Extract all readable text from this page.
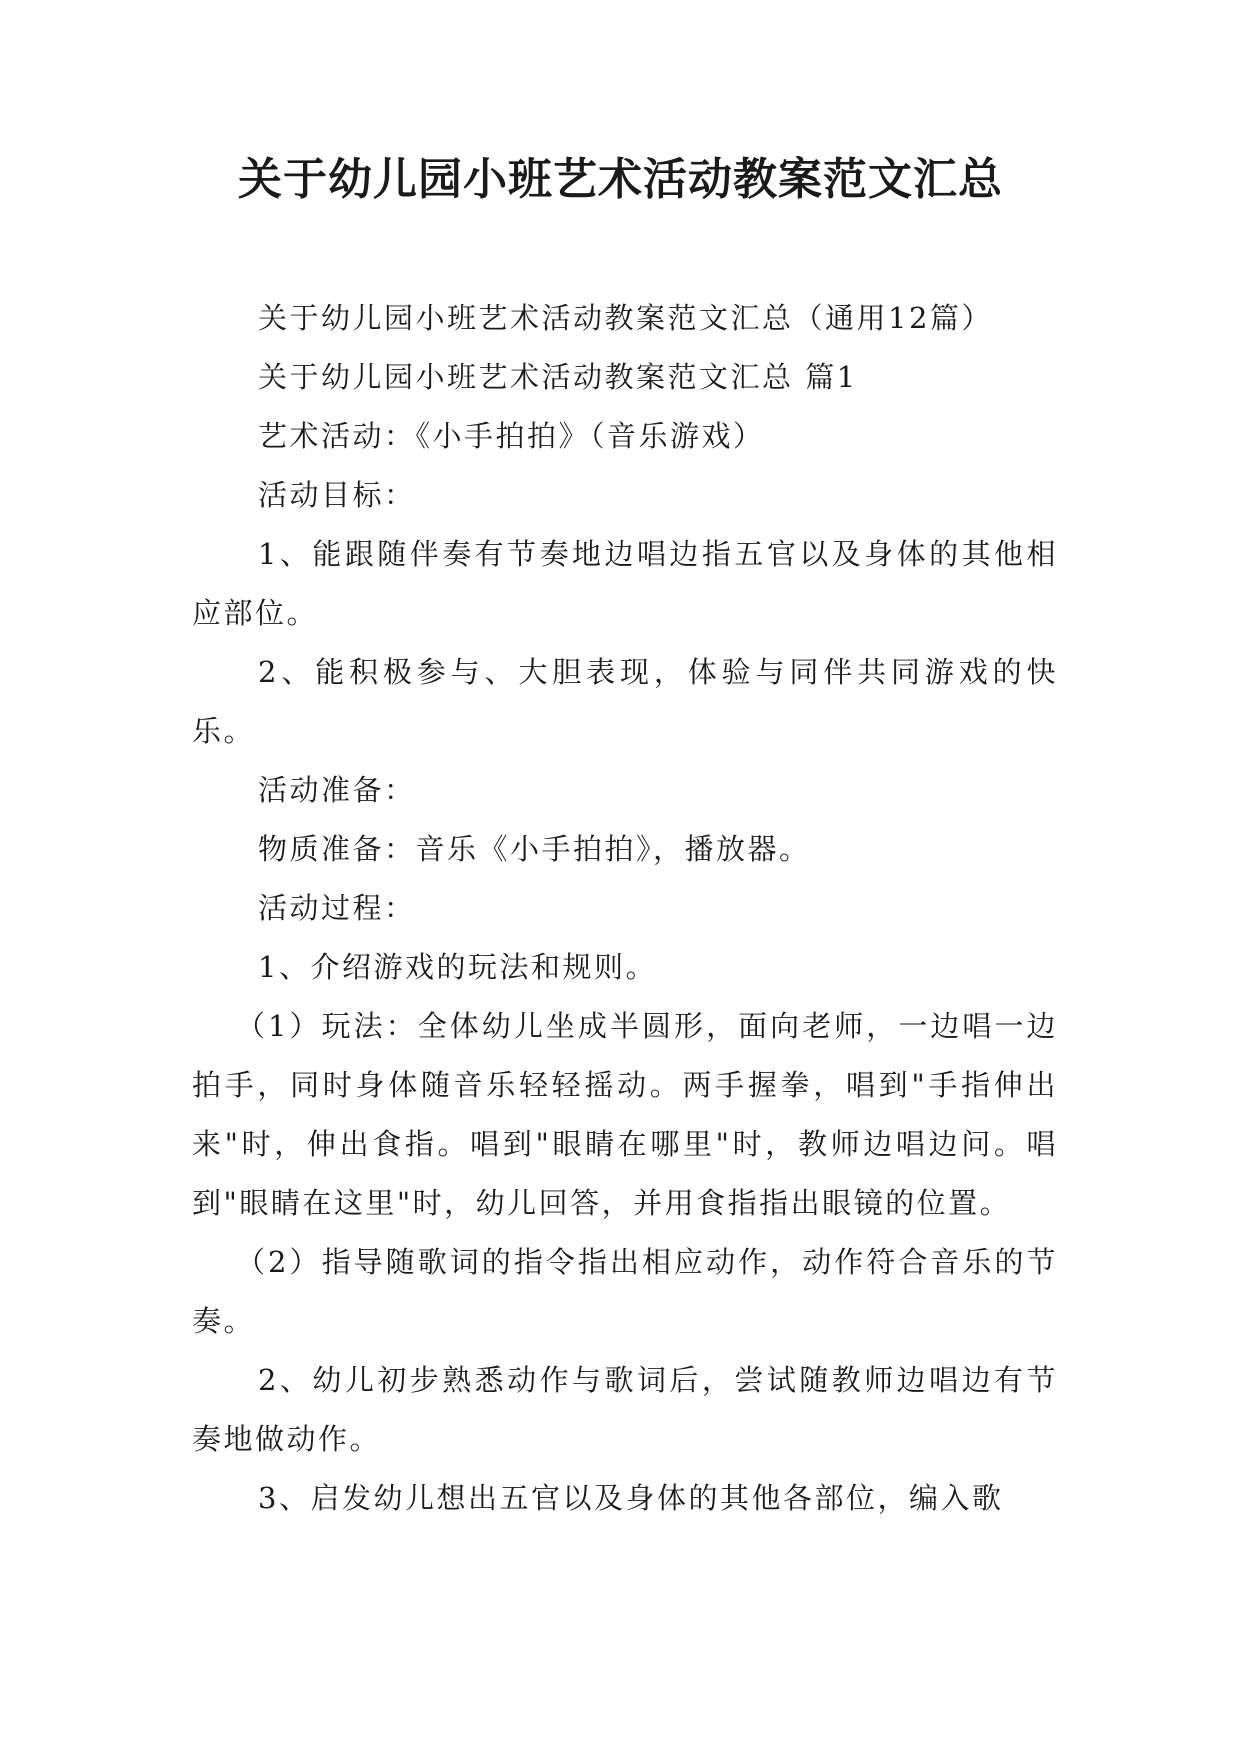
关于幼儿园小班艺术活动教案范文汇总

关于幼儿园小班艺术活动教案范文汇总（通用12篇）

关于幼儿园小班艺术活动教案范文汇总 篇1

艺术活动：《小手拍拍》（音乐游戏）

活动目标：

1、能跟随伴奏有节奏地边唱边指五官以及身体的其他相应部位。

2、能积极参与、大胆表现，体验与同伴共同游戏的快乐。

活动准备：

物质准备：音乐《小手拍拍》，播放器。

活动过程：

1、介绍游戏的玩法和规则。

（1）玩法：全体幼儿坐成半圆形，面向老师，一边唱一边拍手，同时身体随音乐轻轻摇动。两手握拳，唱到"手指伸出来"时，伸出食指。唱到"眼睛在哪里"时，教师边唱边问。唱到"眼睛在这里"时，幼儿回答，并用食指指出眼镜的位置。

（2）指导随歌词的指令指出相应动作，动作符合音乐的节奏。

2、幼儿初步熟悉动作与歌词后，尝试随教师边唱边有节奏地做动作。

3、启发幼儿想出五官以及身体的其他各部位，编入歌
